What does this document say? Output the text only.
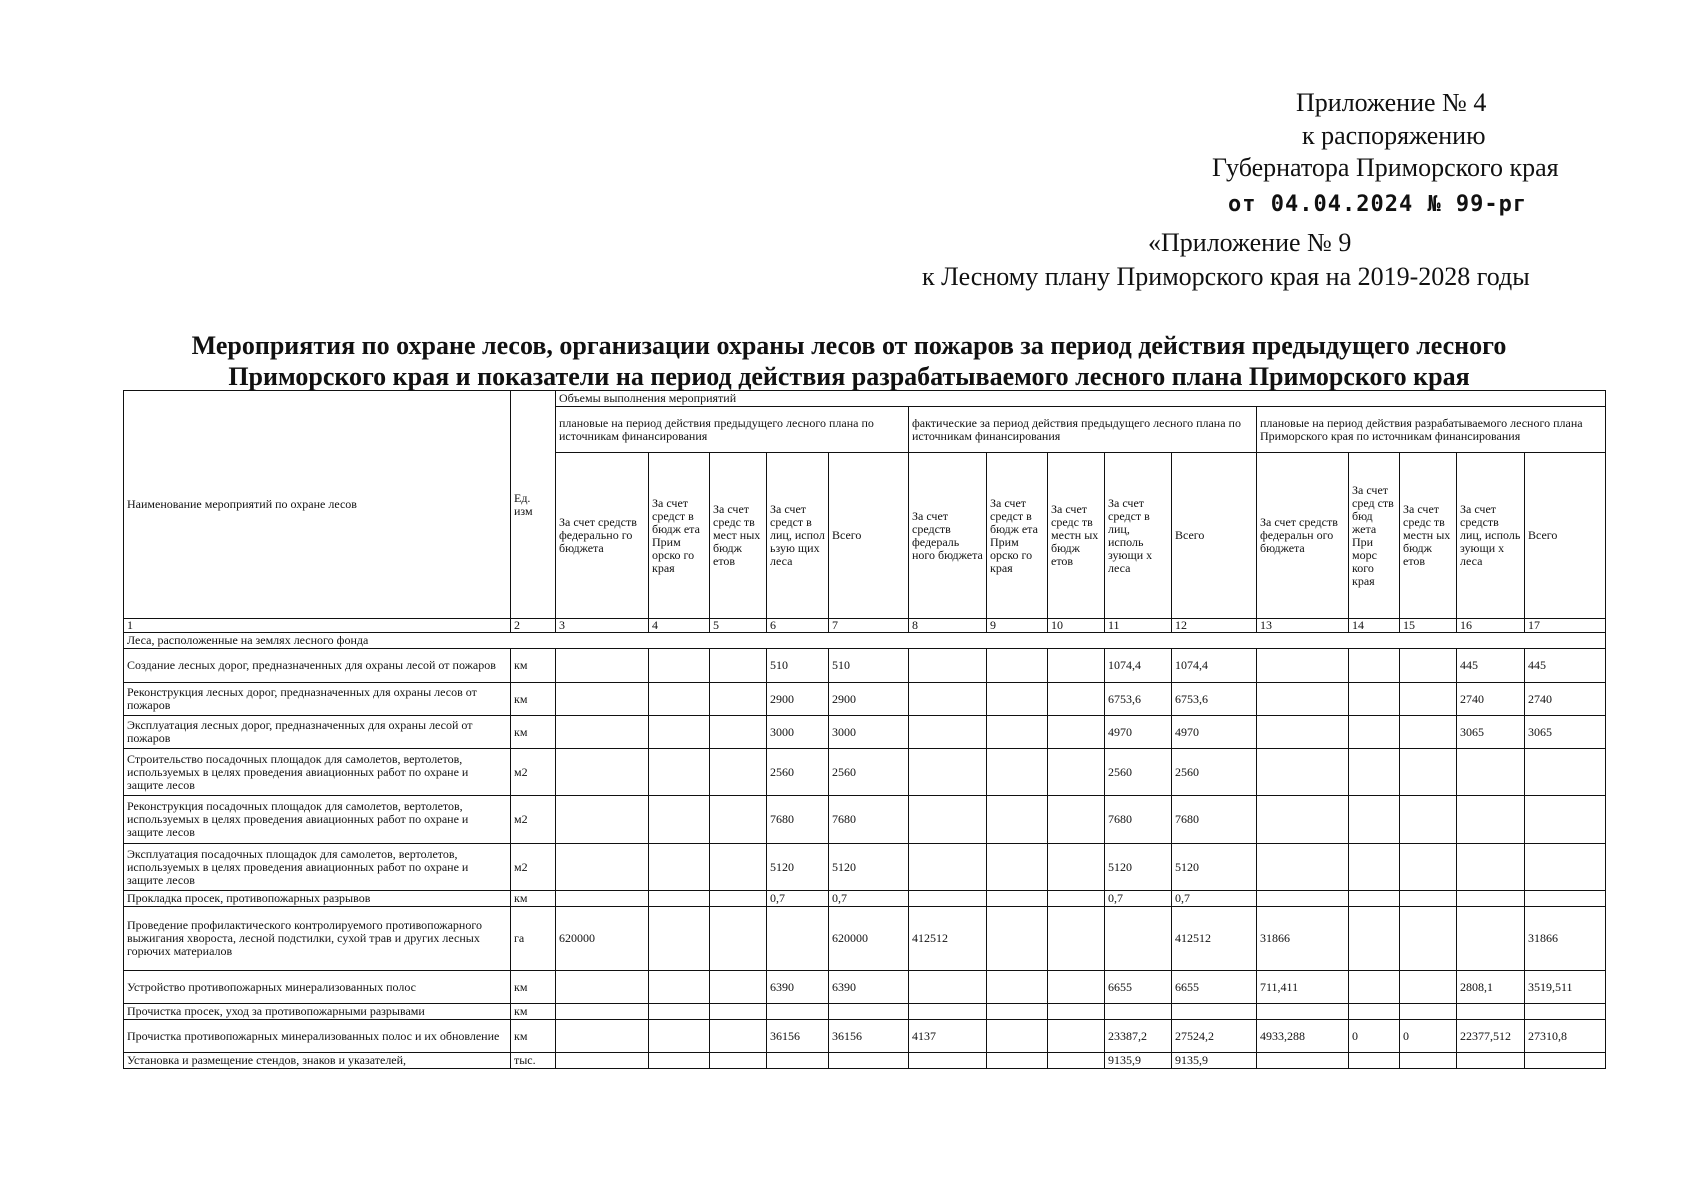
Приложение № 4
к распоряжению
Губернатора Приморского края
от 04.04.2024 № 99-рг
«Приложение № 9
к Лесному плану Приморского края на 2019-2028 годы
Мероприятия по охране лесов, организации охраны лесов от пожаров за период действия предыдущего лесного
Приморского края и показатели на период действия разрабатываемого лесного плана Приморского края
Наименование мероприятий по охране лесов	Ед. изм	Объемы выполнения мероприятий														
		плановые на период действия предыдущего лесного плана по источникам финансирования					фактические за период действия предыдущего лесного плана по источникам финансирования					плановые на период действия разрабатываемого лесного плана Приморского края по источникам финансирования				
		За счет средств федерально го бюджета	За счет средст в бюдж ета Прим орско го края	За счет средс тв мест ных бюдж етов	За счет средст в лиц, испол ьзую щих леса	Всего	За счет средств федераль ного бюджета	За счет средст в бюдж ета Прим орско го края	За счет средс тв местн ых бюдж етов	За счет средст в лиц, исполь зующи х леса	Всего	За счет средств федерaльн ого бюджета	За счет сред ств бюд жета При морс кого края	За счет средс тв местн ых бюдж етов	За счет средств лиц, исполь зующи х леса	Всего
1	2	3	4	5	6	7	8	9	10	11	12	13	14	15	16	17
Леса, расположенные на землях лесного фонда																
Создание лесных дорог, предназначенных для охраны лесой от пожаров	км				510	510				1074,4	1074,4				445	445
Реконструкция лесных дорог, предназначенных для охраны лесов от пожаров	км				2900	2900				6753,6	6753,6				2740	2740
Эксплуатация лесных дорог, предназначенных для охраны лесой от пожаров	км				3000	3000				4970	4970				3065	3065
Строительство посадочных площадок для самолетов, вертолетов, используемых в целях проведения авиационных работ по охране и защите лесов	м2				2560	2560				2560	2560					
Реконструкция посадочных площадок для самолетов, вертолетов, используемых в целях проведения авиационных работ по охране и защите лесов	м2				7680	7680				7680	7680					
Эксплуатация посадочных площадок для самолетов, вертолетов, используемых в целях проведения авиационных работ по охране и защите лесов	м2				5120	5120				5120	5120					
Прокладка просек, противопожарных разрывов	км				0,7	0,7				0,7	0,7					
Проведение профилактического контролируемого противопожарного выжигания хвороста, лесной подстилки, сухой трав и других лесных горючих материалов	га	620000				620000	412512				412512	31866				31866
Устройство противопожарных минерализованных полос	км				6390	6390				6655	6655	711,411			2808,1	3519,511
Прочистка просек, уход за противопожарными разрывами	км															
Прочистка противопожарных минерализованных полос и их обновление	км				36156	36156	4137			23387,2	27524,2	4933,288	0	0	22377,512	27310,8
Установка и размещение стендов, знаков и указателей,	тыс.									9135,9	9135,9					
